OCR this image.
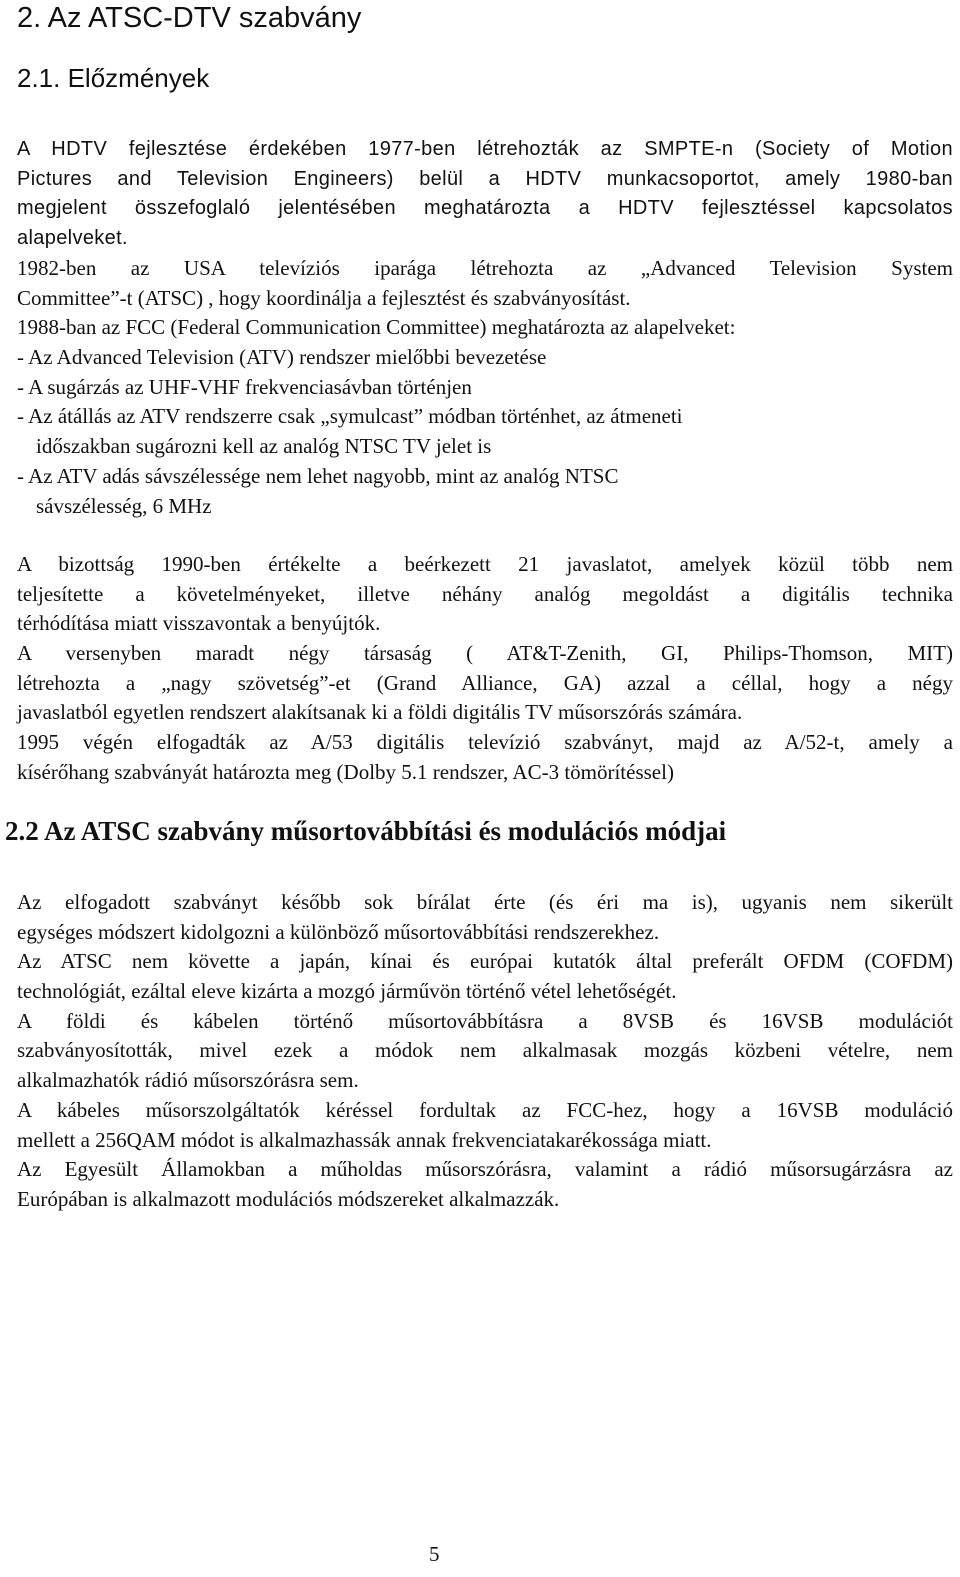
2. Az ATSC-DTV szabvány
2.1. Előzmények
A HDTV fejlesztése érdekében 1977-ben létrehozták az SMPTE-n (Society of Motion
Pictures and Television Engineers) belül a HDTV munkacsoportot, amely 1980-ban
megjelent összefoglaló jelentésében meghatározta a HDTV fejlesztéssel kapcsolatos
alapelveket.
1982-ben az USA televíziós iparága létrehozta az „Advanced Television System
Committee”-t (ATSC) , hogy koordinálja a fejlesztést és szabványosítást.
1988-ban az FCC (Federal Communication Committee) meghatározta az alapelveket:
- Az Advanced Television (ATV) rendszer mielőbbi bevezetése
- A sugárzás az UHF-VHF frekvenciasávban történjen
- Az átállás az ATV rendszerre csak „symulcast” módban történhet, az átmeneti
időszakban sugározni kell az analóg NTSC TV jelet is
- Az ATV adás sávszélessége nem lehet nagyobb, mint az analóg NTSC
sávszélesség, 6 MHz
A bizottság 1990-ben értékelte a beérkezett 21 javaslatot, amelyek közül több nem
teljesítette a követelményeket, illetve néhány analóg megoldást a digitális technika
térhódítása miatt visszavontak a benyújtók.
A versenyben maradt négy társaság ( AT&T-Zenith, GI, Philips-Thomson, MIT)
létrehozta a „nagy szövetség”-et (Grand Alliance, GA) azzal a céllal, hogy a négy
javaslatból egyetlen rendszert alakítsanak ki a földi digitális TV műsorszórás számára.
1995 végén elfogadták az A/53 digitális televízió szabványt, majd az A/52-t, amely a
kísérőhang szabványát határozta meg (Dolby 5.1 rendszer, AC-3 tömörítéssel)
2.2 Az ATSC szabvány műsortovábbítási és modulációs módjai
Az elfogadott szabványt később sok bírálat érte (és éri ma is), ugyanis nem sikerült
egységes módszert kidolgozni a különböző műsortovábbítási rendszerekhez.
Az ATSC nem követte a japán, kínai és európai kutatók által preferált OFDM (COFDM)
technológiát, ezáltal eleve kizárta a mozgó járművön történő vétel lehetőségét.
A földi és kábelen történő műsortovábbításra a 8VSB és 16VSB modulációt
szabványosították, mivel ezek a módok nem alkalmasak mozgás közbeni vételre, nem
alkalmazhatók rádió műsorszórásra sem.
A kábeles műsorszolgáltatók kéréssel fordultak az FCC-hez, hogy a 16VSB moduláció
mellett a 256QAM módot is alkalmazhassák annak frekvenciatakarékossága miatt.
Az Egyesült Államokban a műholdas műsorszórásra, valamint a rádió műsorsugárzásra az
Európában is alkalmazott modulációs módszereket alkalmazzák.
5
